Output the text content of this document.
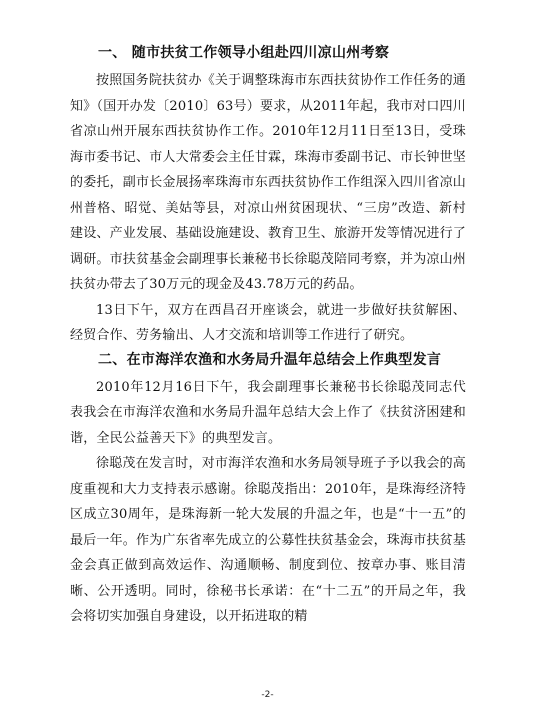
一、 随市扶贫工作领导小组赴四川凉山州考察

按照国务院扶贫办《关于调整珠海市东西扶贫协作工作任务的通知》（国开办发〔2010〕63号）要求，从2011年起，我市对口四川省凉山州开展东西扶贫协作工作。2010年12月11日至13日，受珠海市委书记、市人大常委会主任甘霖，珠海市委副书记、市长钟世坚的委托，副市长金展扬率珠海市东西扶贫协作工作组深入四川省凉山州普格、昭觉、美姑等县，对凉山州贫困现状、“三房”改造、新村建设、产业发展、基础设施建设、教育卫生、旅游开发等情况进行了调研。市扶贫基金会副理事长兼秘书长徐聪茂陪同考察，并为凉山州扶贫办带去了30万元的现金及43.78万元的药品。

13日下午，双方在西昌召开座谈会，就进一步做好扶贫解困、经贸合作、劳务输出、人才交流和培训等工作进行了研究。

二、在市海洋农渔和水务局升温年总结会上作典型发言

2010年12月16日下午，我会副理事长兼秘书长徐聪茂同志代表我会在市海洋农渔和水务局升温年总结大会上作了《扶贫济困建和谐，全民公益善天下》的典型发言。

徐聪茂在发言时，对市海洋农渔和水务局领导班子予以我会的高度重视和大力支持表示感谢。徐聪茂指出：2010年，是珠海经济特区成立30周年，是珠海新一轮大发展的升温之年，也是“十一五”的最后一年。作为广东省率先成立的公募性扶贫基金会，珠海市扶贫基金会真正做到高效运作、沟通顺畅、制度到位、按章办事、账目清晰、公开透明。同时，徐秘书长承诺：在“十二五”的开局之年，我会将切实加强自身建设，以开拓进取的精

-2-
